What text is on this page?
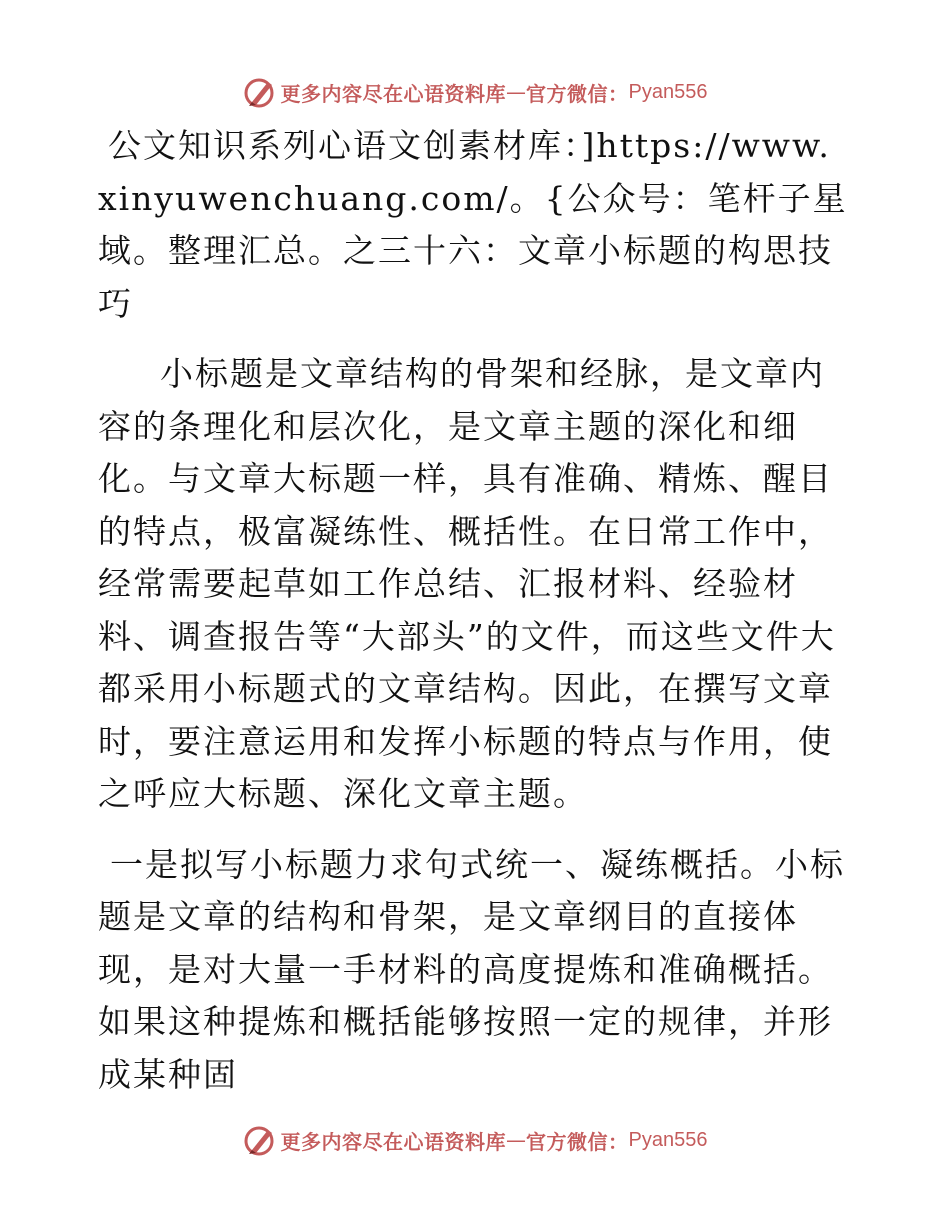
更多内容尽在心语资料库 — 官方微信： Pyan556

公文知识系列心语文创素材库：]https://www.xinyuwenchuang.com/。{公众号：笔杆子星域。整理汇总。之三十六：文章小标题的构思技巧

小标题是文章结构的骨架和经脉，是文章内容的条理化和层次化，是文章主题的深化和细化。与文章大标题一样，具有准确、精炼、醒目的特点，极富凝练性、概括性。在日常工作中，经常需要起草如工作总结、汇报材料、经验材料、调查报告等“大部头”的文件，而这些文件大都采用小标题式的文章结构。因此，在撰写文章时，要注意运用和发挥小标题的特点与作用，使之呼应大标题、深化文章主题。

一是拟写小标题力求句式统一、凝练概括。小标题是文章的结构和骨架，是文章纲目的直接体现，是对大量一手材料的高度提炼和准确概括。如果这种提炼和概括能够按照一定的规律，并形成某种固

更多内容尽在心语资料库 — 官方微信： Pyan556
